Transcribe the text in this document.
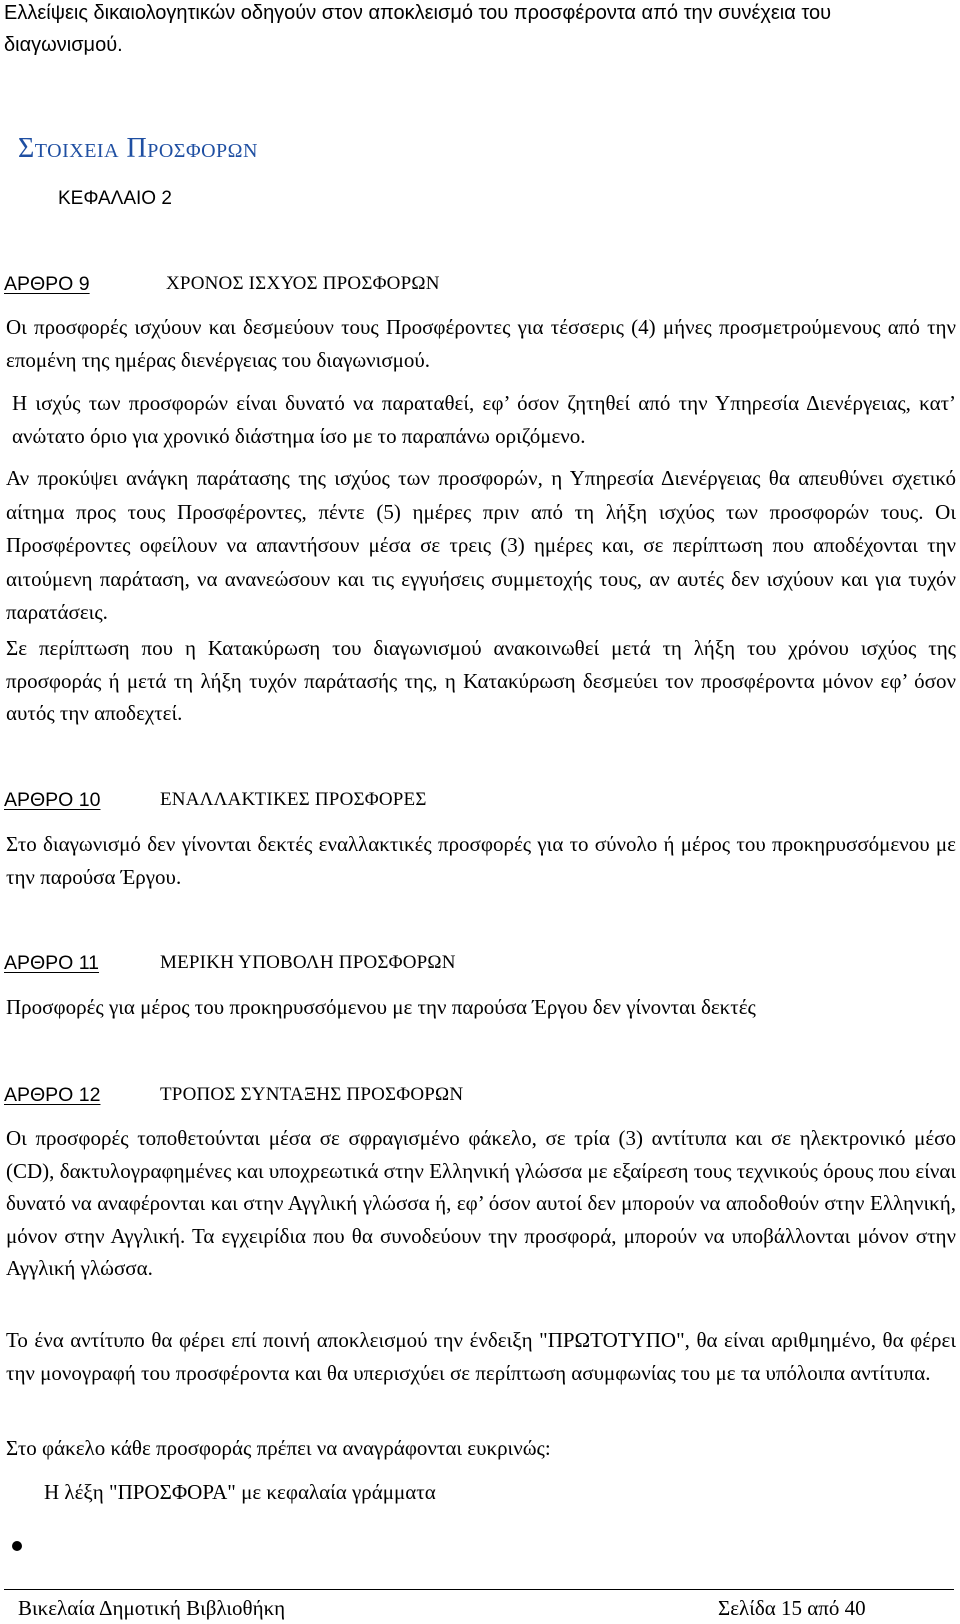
Ελλείψεις δικαιολογητικών οδηγούν στον αποκλεισμό του προσφέροντα από την συνέχεια του διαγωνισμού.
Στοιχεια Προσφορων
ΚΕΦΑΛΑΙΟ 2
ΑΡΘΡΟ 9	ΧΡΟΝΟΣ ΙΣΧΥΟΣ ΠΡΟΣΦΟΡΩΝ
Οι προσφορές ισχύουν και δεσμεύουν τους Προσφέροντες για τέσσερις (4) μήνες προσμετρούμενους από την επομένη της ημέρας διενέργειας του διαγωνισμού.
Η ισχύς των προσφορών είναι δυνατό να παραταθεί, εφ’ όσον ζητηθεί από την Υπηρεσία Διενέργειας, κατ’ ανώτατο όριο για χρονικό διάστημα ίσο με το παραπάνω οριζόμενο.
Αν προκύψει ανάγκη παράτασης της ισχύος των προσφορών, η Υπηρεσία Διενέργειας θα απευθύνει σχετικό αίτημα προς τους Προσφέροντες, πέντε (5) ημέρες πριν από τη λήξη ισχύος των προσφορών τους. Οι Προσφέροντες οφείλουν να απαντήσουν μέσα σε τρεις (3) ημέρες και, σε περίπτωση που αποδέχονται την αιτούμενη παράταση, να ανανεώσουν και τις εγγυήσεις συμμετοχής τους, αν αυτές δεν ισχύουν και για τυχόν παρατάσεις.
Σε περίπτωση που η Κατακύρωση του διαγωνισμού ανακοινωθεί μετά τη λήξη του χρόνου ισχύος της προσφοράς ή μετά τη λήξη τυχόν παράτασής της, η Κατακύρωση δεσμεύει τον προσφέροντα μόνον εφ’ όσον αυτός την αποδεχτεί.
ΑΡΘΡΟ 10	ΕΝΑΛΛΑΚΤΙΚΕΣ ΠΡΟΣΦΟΡΕΣ
Στο διαγωνισμό δεν γίνονται δεκτές εναλλακτικές προσφορές για το σύνολο ή μέρος του προκηρυσσόμενου με την παρούσα Έργου.
ΑΡΘΡΟ 11	ΜΕΡΙΚΗ ΥΠΟΒΟΛΗ ΠΡΟΣΦΟΡΩΝ
Προσφορές για μέρος του προκηρυσσόμενου με την παρούσα Έργου δεν γίνονται δεκτές
ΑΡΘΡΟ 12	ΤΡΟΠΟΣ ΣΥΝΤΑΞΗΣ ΠΡΟΣΦΟΡΩΝ
Οι προσφορές τοποθετούνται μέσα σε σφραγισμένο φάκελο, σε τρία (3) αντίτυπα και σε ηλεκτρονικό μέσο (CD), δακτυλογραφημένες και υποχρεωτικά στην Ελληνική γλώσσα με εξαίρεση τους τεχνικούς όρους που είναι δυνατό να αναφέρονται και στην Αγγλική γλώσσα ή, εφ’ όσον αυτοί δεν μπορούν να αποδοθούν στην Ελληνική, μόνον στην Αγγλική. Τα εγχειρίδια που θα συνοδεύουν την προσφορά, μπορούν να υποβάλλονται μόνον στην Αγγλική γλώσσα.
Το ένα αντίτυπο θα φέρει επί ποινή αποκλεισμού την ένδειξη "ΠΡΩΤΟΤΥΠΟ", θα είναι αριθμημένο, θα φέρει την μονογραφή του προσφέροντα και θα υπερισχύει σε περίπτωση ασυμφωνίας του με τα υπόλοιπα αντίτυπα.
Στο φάκελο κάθε προσφοράς πρέπει να αναγράφονται ευκρινώς:
Η λέξη "ΠΡΟΣΦΟΡΑ" με κεφαλαία γράμματα
Βικελαία Δημοτική Βιβλιοθήκη	Σελίδα 15 από 40
